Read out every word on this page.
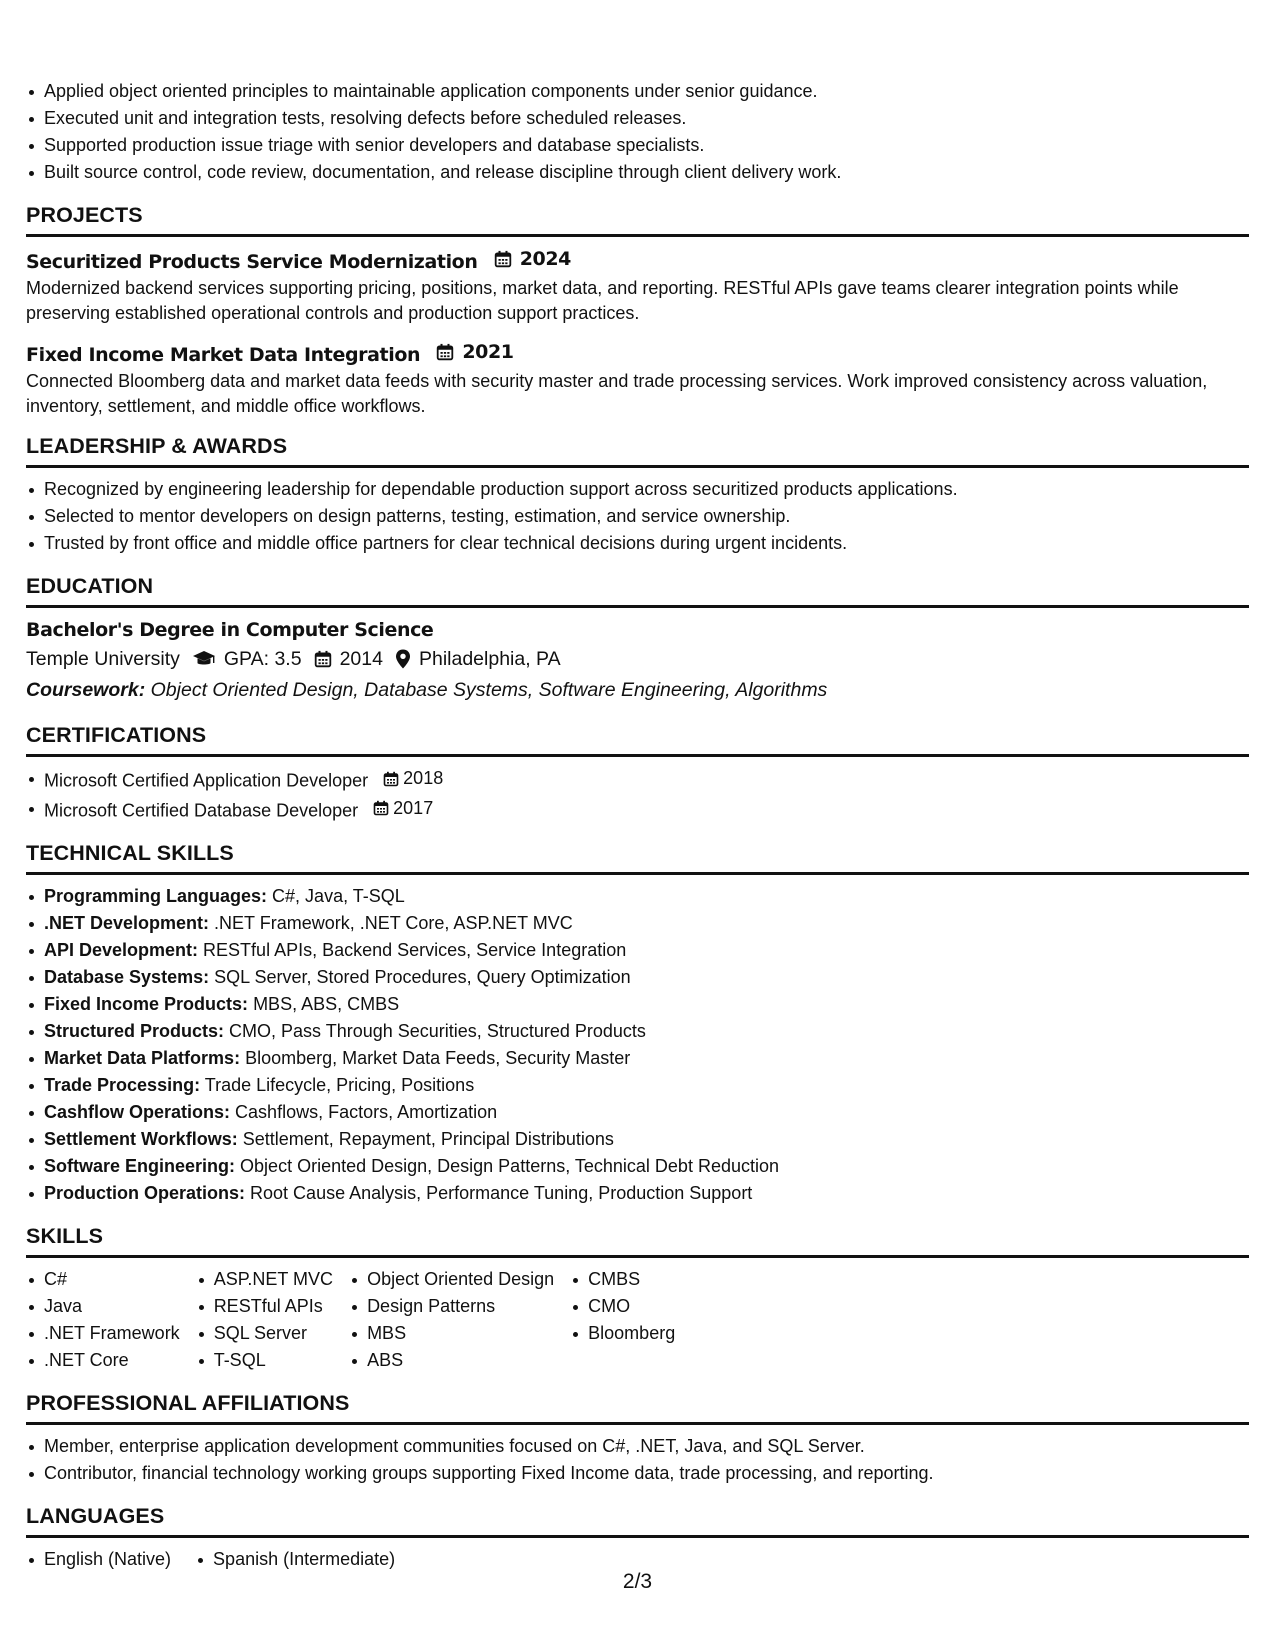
Applied object oriented principles to maintainable application components under senior guidance.
Executed unit and integration tests, resolving defects before scheduled releases.
Supported production issue triage with senior developers and database specialists.
Built source control, code review, documentation, and release discipline through client delivery work.
PROJECTS
Securitized Products Service Modernization 2024
Modernized backend services supporting pricing, positions, market data, and reporting. RESTful APIs gave teams clearer integration points while preserving established operational controls and production support practices.
Fixed Income Market Data Integration 2021
Connected Bloomberg data and market data feeds with security master and trade processing services. Work improved consistency across valuation, inventory, settlement, and middle office workflows.
LEADERSHIP & AWARDS
Recognized by engineering leadership for dependable production support across securitized products applications.
Selected to mentor developers on design patterns, testing, estimation, and service ownership.
Trusted by front office and middle office partners for clear technical decisions during urgent incidents.
EDUCATION
Bachelor's Degree in Computer Science
Temple University GPA: 3.5 2014 Philadelphia, PA
Coursework: Object Oriented Design, Database Systems, Software Engineering, Algorithms
CERTIFICATIONS
Microsoft Certified Application Developer 2018
Microsoft Certified Database Developer 2017
TECHNICAL SKILLS
Programming Languages: C#, Java, T-SQL
.NET Development: .NET Framework, .NET Core, ASP.NET MVC
API Development: RESTful APIs, Backend Services, Service Integration
Database Systems: SQL Server, Stored Procedures, Query Optimization
Fixed Income Products: MBS, ABS, CMBS
Structured Products: CMO, Pass Through Securities, Structured Products
Market Data Platforms: Bloomberg, Market Data Feeds, Security Master
Trade Processing: Trade Lifecycle, Pricing, Positions
Cashflow Operations: Cashflows, Factors, Amortization
Settlement Workflows: Settlement, Repayment, Principal Distributions
Software Engineering: Object Oriented Design, Design Patterns, Technical Debt Reduction
Production Operations: Root Cause Analysis, Performance Tuning, Production Support
SKILLS
C#
Java
.NET Framework
.NET Core
ASP.NET MVC
RESTful APIs
SQL Server
T-SQL
Object Oriented Design
Design Patterns
MBS
ABS
CMBS
CMO
Bloomberg
PROFESSIONAL AFFILIATIONS
Member, enterprise application development communities focused on C#, .NET, Java, and SQL Server.
Contributor, financial technology working groups supporting Fixed Income data, trade processing, and reporting.
LANGUAGES
English (Native)	Spanish (Intermediate)
2/3
